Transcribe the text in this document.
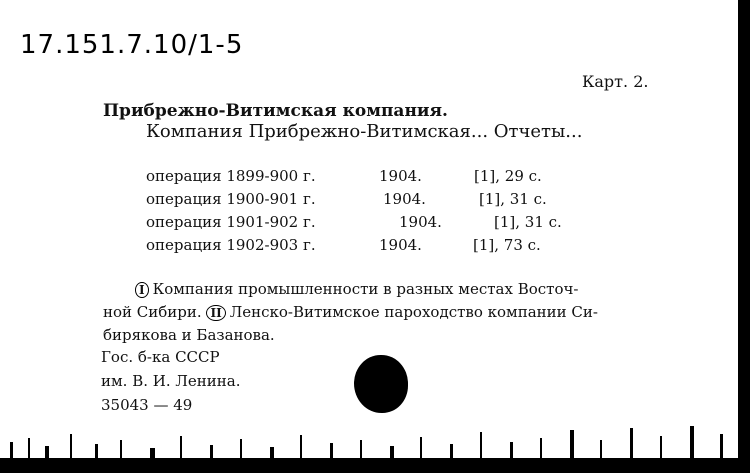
17.151.7.10/1-5
Карт. 2.
Прибрежно-Витимская компания.
Компания Прибрежно-Витимская... Отчеты...
операция 1899-900 г.	1904.	[1], 29 с.
операция 1900-901 г.	1904.	[1], 31 с.
операция 1901-902 г.	1904.	[1], 31 с.
операция 1902-903 г.	1904.	[1], 73 с.
I Компания промышленности в разных местах Восточ-
ной Сибири. II Ленско-Витимское пароходство компании Си-
бирякова и Базанова.
Гос. б-ка СССР
им. В. И. Ленина.
35043 — 49
